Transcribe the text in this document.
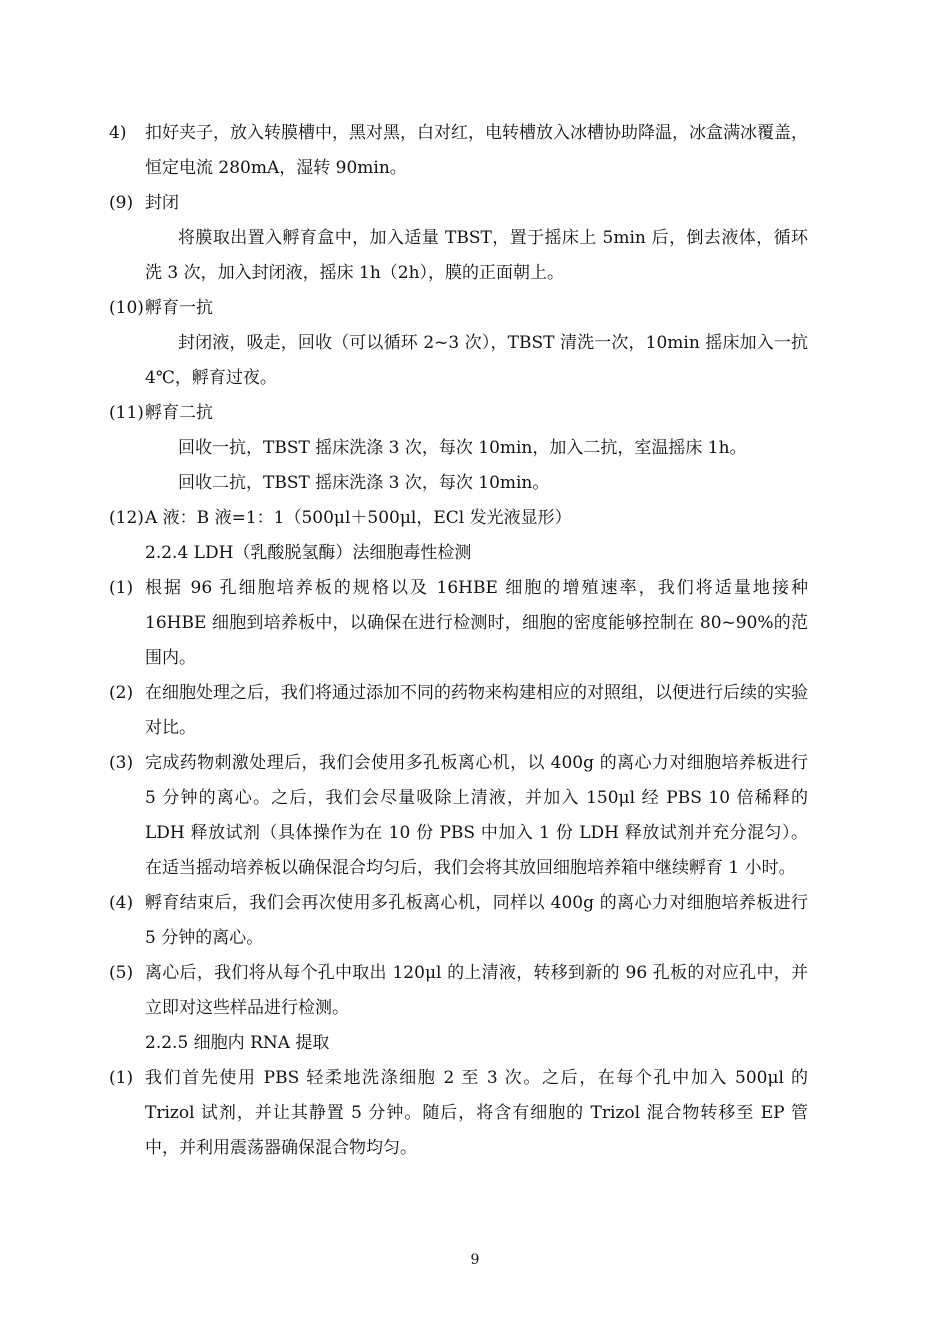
4) 扣好夹子，放入转膜槽中，黑对黑，白对红，电转槽放入冰槽协助降温，冰盒满冰覆盖，恒定电流 280mA，湿转 90min。
(9) 封闭
将膜取出置入孵育盒中，加入适量 TBST，置于摇床上 5min 后，倒去液体，循环洗 3 次，加入封闭液，摇床 1h（2h），膜的正面朝上。
(10) 孵育一抗
封闭液，吸走，回收（可以循环 2~3 次），TBST 清洗一次，10min 摇床加入一抗 4℃，孵育过夜。
(11) 孵育二抗
回收一抗，TBST 摇床洗涤 3 次，每次 10min，加入二抗，室温摇床 1h。
回收二抗，TBST 摇床洗涤 3 次，每次 10min。
(12) A 液：B 液=1：1（500μl＋500μl，ECl 发光液显形）
2.2.4 LDH（乳酸脱氢酶）法细胞毒性检测
(1) 根据 96 孔细胞培养板的规格以及 16HBE 细胞的增殖速率，我们将适量地接种 16HBE 细胞到培养板中，以确保在进行检测时，细胞的密度能够控制在 80~90%的范围内。
(2) 在细胞处理之后，我们将通过添加不同的药物来构建相应的对照组，以便进行后续的实验对比。
(3) 完成药物刺激处理后，我们会使用多孔板离心机，以 400g 的离心力对细胞培养板进行 5 分钟的离心。之后，我们会尽量吸除上清液，并加入 150μl 经 PBS 10 倍稀释的 LDH 释放试剂（具体操作为在 10 份 PBS 中加入 1 份 LDH 释放试剂并充分混匀）。在适当摇动培养板以确保混合均匀后，我们会将其放回细胞培养箱中继续孵育 1 小时。
(4) 孵育结束后，我们会再次使用多孔板离心机，同样以 400g 的离心力对细胞培养板进行 5 分钟的离心。
(5) 离心后，我们将从每个孔中取出 120μl 的上清液，转移到新的 96 孔板的对应孔中，并立即对这些样品进行检测。
2.2.5 细胞内 RNA 提取
(1) 我们首先使用 PBS 轻柔地洗涤细胞 2 至 3 次。之后，在每个孔中加入 500μl 的 Trizol 试剂，并让其静置 5 分钟。随后，将含有细胞的 Trizol 混合物转移至 EP 管中，并利用震荡器确保混合物均匀。
9
